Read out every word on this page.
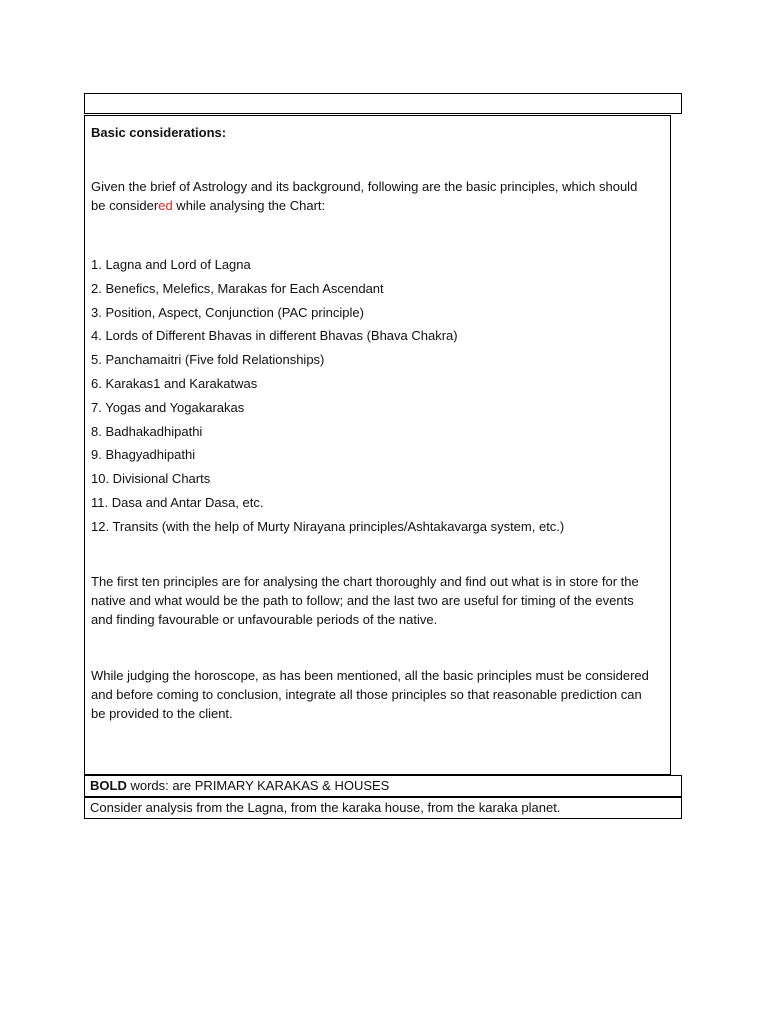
Basic considerations:

Given the brief of Astrology and its background, following are the basic principles, which should be considered while analysing the Chart:

1. Lagna and Lord of Lagna
2. Benefics, Melefics, Marakas for Each Ascendant
3. Position, Aspect, Conjunction (PAC principle)
4. Lords of Different Bhavas in different Bhavas (Bhava Chakra)
5. Panchamaitri (Five fold Relationships)
6. Karakas1 and Karakatwas
7. Yogas and Yogakarakas
8. Badhakadhipathi
9. Bhagyadhipathi
10. Divisional Charts
11. Dasa and Antar Dasa, etc.
12. Transits (with the help of Murty Nirayana principles/Ashtakavarga system, etc.)

The first ten principles are for analysing the chart thoroughly and find out what is in store for the native and what would be the path to follow; and the last two are useful for timing of the events and finding favourable or unfavourable periods of the native.

While judging the horoscope, as has been mentioned, all the basic principles must be considered and before coming to conclusion, integrate all those principles so that reasonable prediction can be provided to the client.

BOLD words: are PRIMARY KARAKAS & HOUSES
Consider analysis from the Lagna, from the karaka house, from the karaka planet.
